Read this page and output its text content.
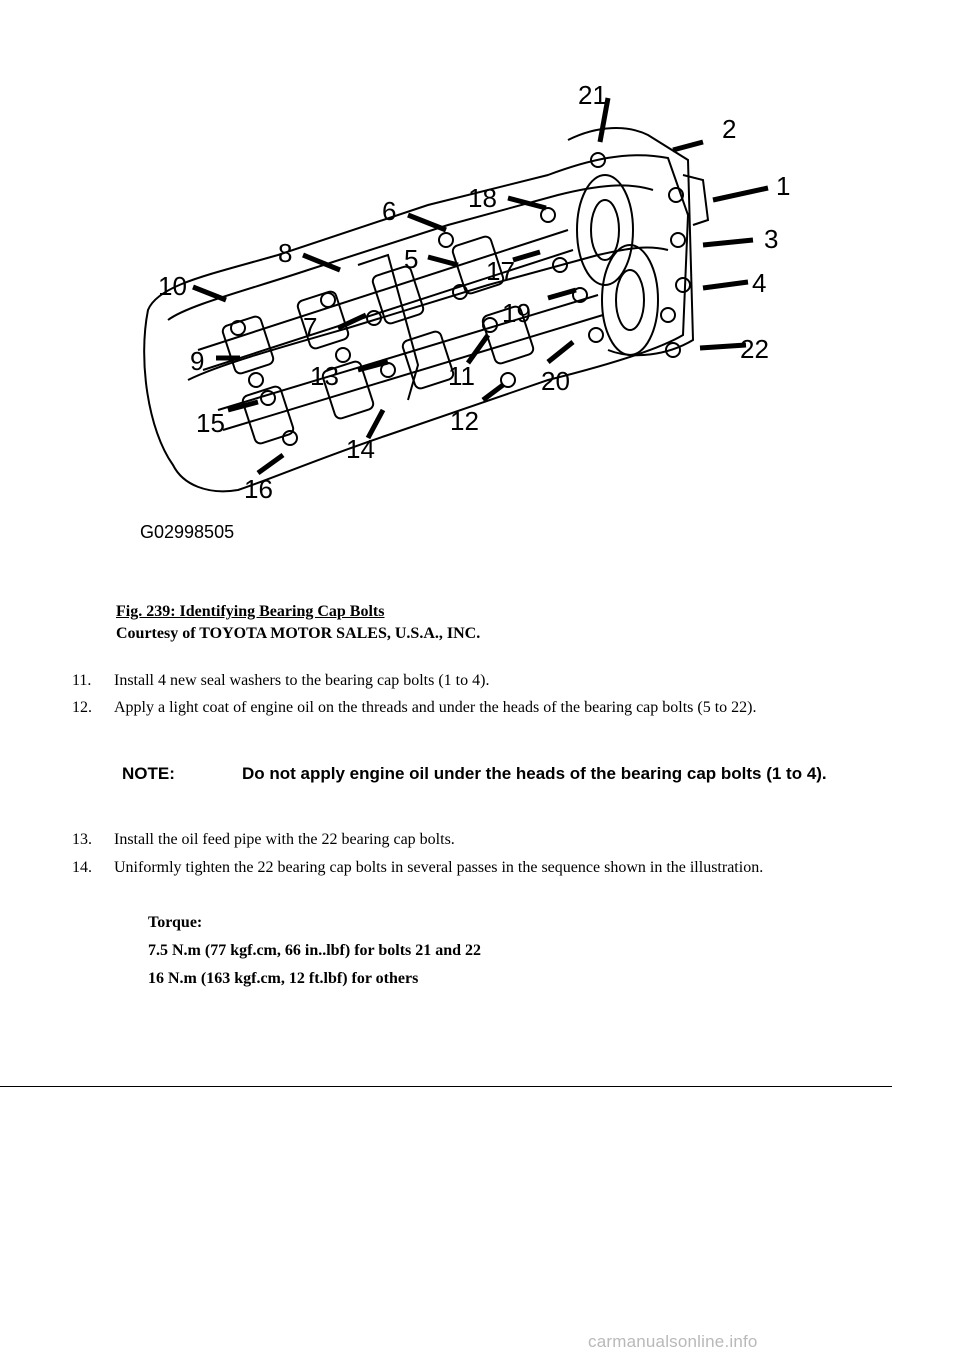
21
2
1
3
4
22
6	18
5
8
17
10
7	19
9	13	11	20
15	12
14
16
G02998505
Fig. 239: Identifying Bearing Cap Bolts
Courtesy of TOYOTA MOTOR SALES, U.S.A., INC.
11.	Install 4 new seal washers to the bearing cap bolts (1 to 4).
12.	Apply a light coat of engine oil on the threads and under the heads of the bearing cap bolts (5 to 22).
NOTE:	Do not apply engine oil under the heads of the bearing cap bolts (1 to 4).
13.	Install the oil feed pipe with the 22 bearing cap bolts.
14.	Uniformly tighten the 22 bearing cap bolts in several passes in the sequence shown in the illustration.
Torque:
7.5 N.m (77 kgf.cm, 66 in..lbf) for bolts 21 and 22
16 N.m (163 kgf.cm, 12 ft.lbf) for others
carmanualsonline.info
